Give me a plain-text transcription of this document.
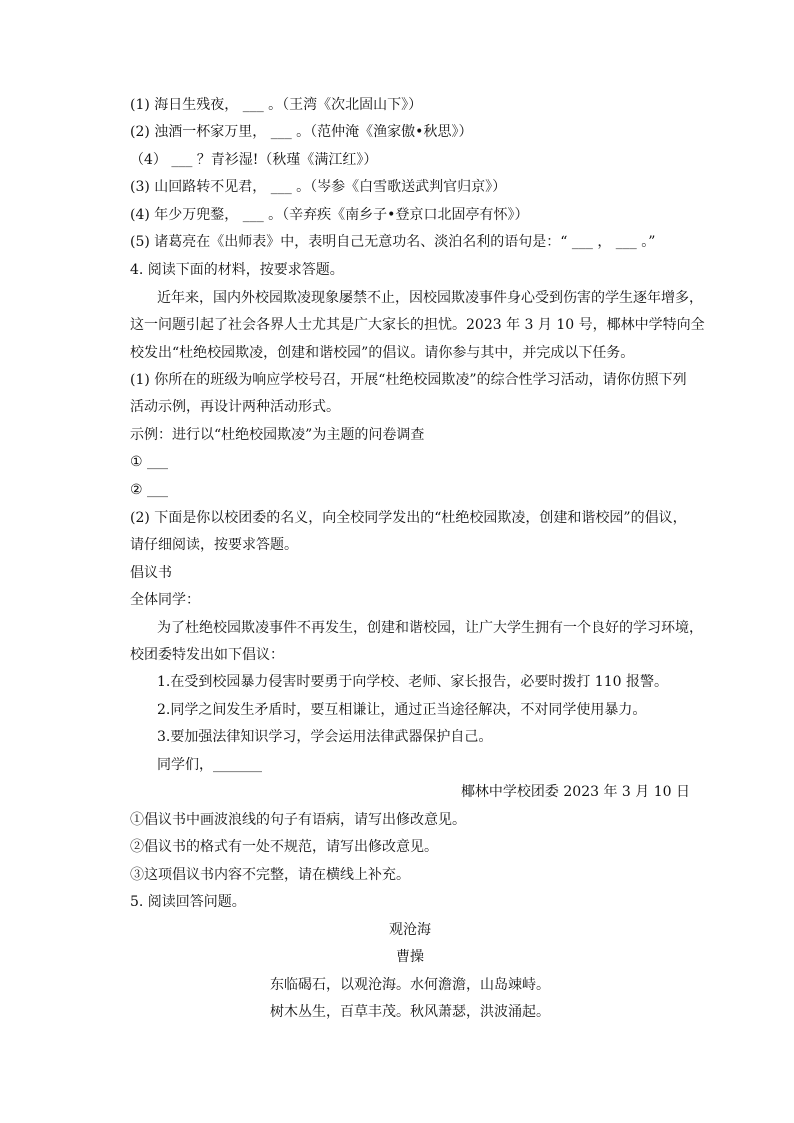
(1) 海日生残夜， ___ 。（王湾《次北固山下》）
(2) 浊酒一杯家万里， ___ 。（范仲淹《渔家傲•秋思》）
（4） ___ ？青衫湿!（秋瑾《满江红》）
(3) 山回路转不见君， ___ 。（岑参《白雪歌送武判官归京》）
(4) 年少万兜鍪， ___ 。（辛弃疾《南乡子•登京口北固亭有怀》）
(5) 诸葛亮在《出师表》中，表明自己无意功名、淡泊名利的语句是：“ ___ ， ___ 。”
4. 阅读下面的材料，按要求答题。
近年来，国内外校园欺凌现象屡禁不止，因校园欺凌事件身心受到伤害的学生逐年增多，
这一问题引起了社会各界人士尤其是广大家长的担忧。2023 年 3 月 10 号，椰林中学特向全
校发出“杜绝校园欺凌，创建和谐校园”的倡议。请你参与其中，并完成以下任务。
(1) 你所在的班级为响应学校号召，开展“杜绝校园欺凌”的综合性学习活动，请你仿照下列
活动示例，再设计两种活动形式。
示例：进行以“杜绝校园欺凌”为主题的问卷调查
① ___
② ___
(2) 下面是你以校团委的名义，向全校同学发出的“杜绝校园欺凌，创建和谐校园”的倡议，
请仔细阅读，按要求答题。
倡议书
全体同学：
为了杜绝校园欺凌事件不再发生，创建和谐校园，让广大学生拥有一个良好的学习环境，
校团委特发出如下倡议：
1.在受到校园暴力侵害时要勇于向学校、老师、家长报告，必要时拨打 110 报警。
2.同学之间发生矛盾时，要互相谦让，通过正当途径解决，不对同学使用暴力。
3.要加强法律知识学习，学会运用法律武器保护自己。
同学们，_______
椰林中学校团委 2023 年 3 月 10 日
①倡议书中画波浪线的句子有语病，请写出修改意见。
②倡议书的格式有一处不规范，请写出修改意见。
③这项倡议书内容不完整，请在横线上补充。
5. 阅读回答问题。
观沧海
曹操
东临碣石，以观沧海。水何澹澹，山岛竦峙。
树木丛生，百草丰茂。秋风萧瑟，洪波涌起。
